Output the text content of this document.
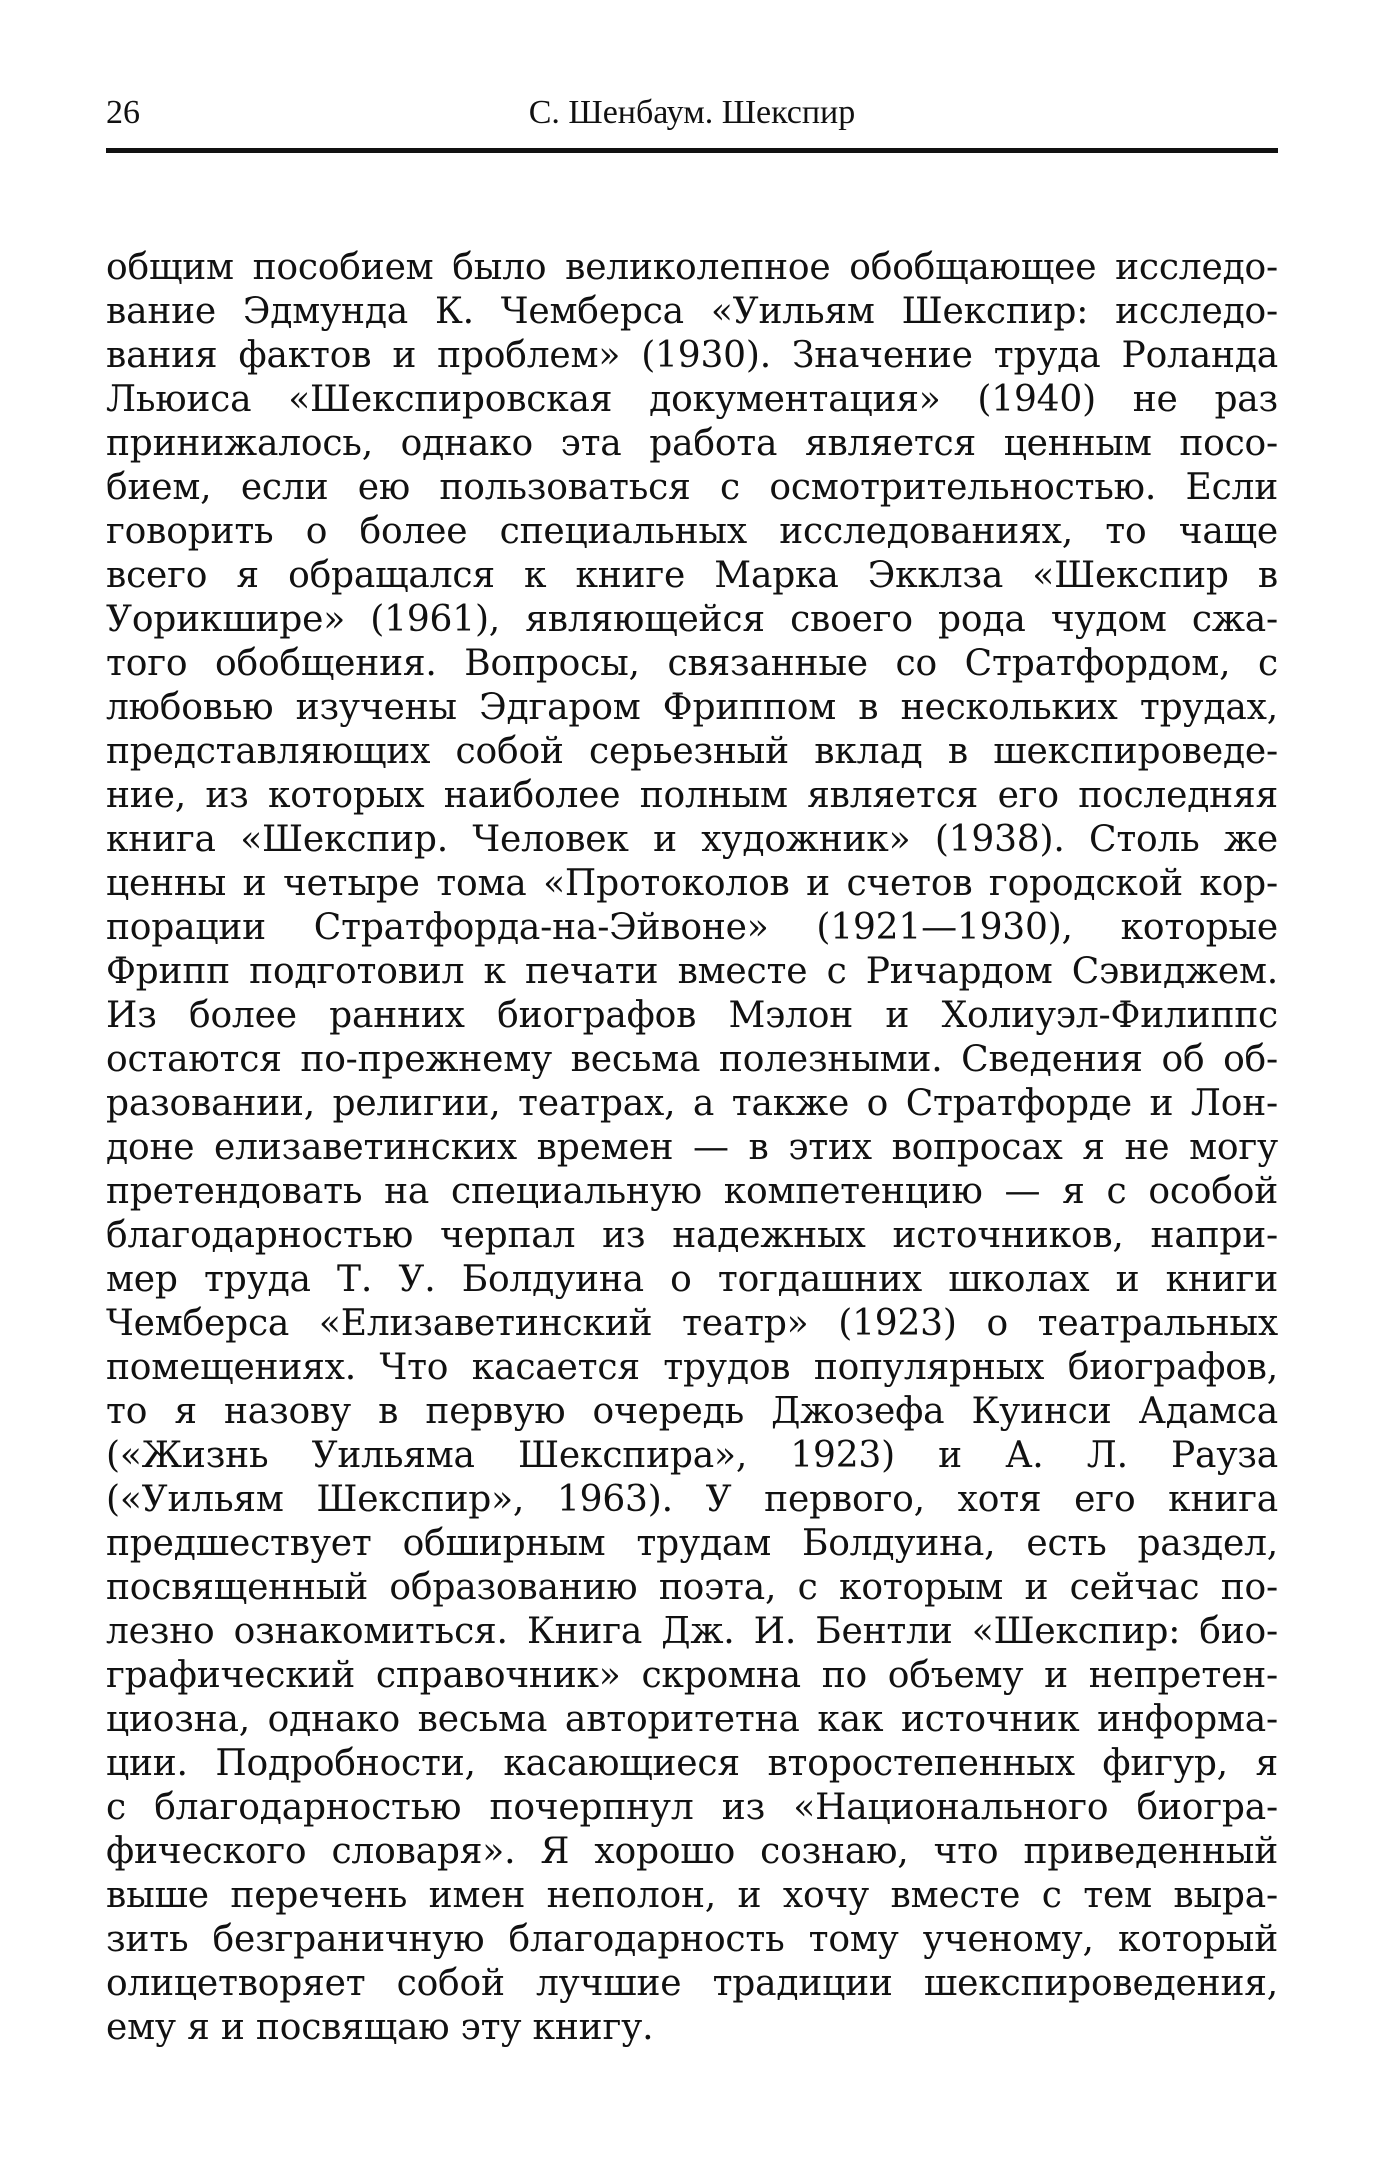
26	С. Шенбаум. Шекспир
общим пособием было великолепное обобщающее исследо-
вание Эдмунда К. Чемберса «Уильям Шекспир: исследо-
вания фактов и проблем» (1930). Значение труда Роланда
Льюиса «Шекспировская документация» (1940) не раз
принижалось, однако эта работа является ценным посо-
бием, если ею пользоваться с осмотрительностью. Если
говорить о более специальных исследованиях, то чаще
всего я обращался к книге Марка Экклза «Шекспир в
Уорикшире» (1961), являющейся своего рода чудом сжа-
того обобщения. Вопросы, связанные со Стратфордом, с
любовью изучены Эдгаром Фриппом в нескольких трудах,
представляющих собой серьезный вклад в шекспироведе-
ние, из которых наиболее полным является его последняя
книга «Шекспир. Человек и художник» (1938). Столь же
ценны и четыре тома «Протоколов и счетов городской кор-
порации Стратфорда-на-Эйвоне» (1921—1930), которые
Фрипп подготовил к печати вместе с Ричардом Сэвиджем.
Из более ранних биографов Мэлон и Холиуэл-Филиппс
остаются по-прежнему весьма полезными. Сведения об об-
разовании, религии, театрах, а также о Стратфорде и Лон-
доне елизаветинских времен — в этих вопросах я не могу
претендовать на специальную компетенцию — я с особой
благодарностью черпал из надежных источников, напри-
мер труда Т. У. Болдуина о тогдашних школах и книги
Чемберса «Елизаветинский театр» (1923) о театральных
помещениях. Что касается трудов популярных биографов,
то я назову в первую очередь Джозефа Куинси Адамса
(«Жизнь Уильяма Шекспира», 1923) и А. Л. Рауза
(«Уильям Шекспир», 1963). У первого, хотя его книга
предшествует обширным трудам Болдуина, есть раздел,
посвященный образованию поэта, с которым и сейчас по-
лезно ознакомиться. Книга Дж. И. Бентли «Шекспир: био-
графический справочник» скромна по объему и непретен-
циозна, однако весьма авторитетна как источник информа-
ции. Подробности, касающиеся второстепенных фигур, я
с благодарностью почерпнул из «Национального биогра-
фического словаря». Я хорошо сознаю, что приведенный
выше перечень имен неполон, и хочу вместе с тем выра-
зить безграничную благодарность тому ученому, который
олицетворяет собой лучшие традиции шекспироведения,
ему я и посвящаю эту книгу.
